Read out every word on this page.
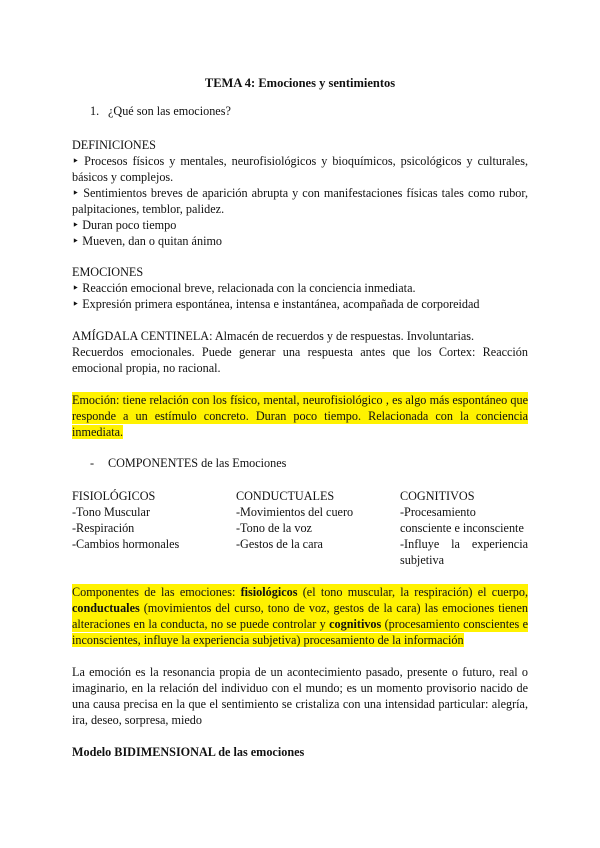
TEMA 4: Emociones y sentimientos
1. ¿Qué son las emociones?
DEFINICIONES
‣ Procesos físicos y mentales, neurofisiológicos y bioquímicos, psicológicos y culturales,
básicos y complejos.
‣ Sentimientos breves de aparición abrupta y con manifestaciones físicas tales como rubor,
palpitaciones, temblor, palidez.
‣ Duran poco tiempo
‣ Mueven, dan o quitan ánimo
EMOCIONES
‣ Reacción emocional breve, relacionada con la conciencia inmediata.
‣ Expresión primera espontánea, intensa e instantánea, acompañada de corporeidad
AMÍGDALA CENTINELA: Almacén de recuerdos y de respuestas. Involuntarias.
Recuerdos emocionales. Puede generar una respuesta antes que los Cortex: Reacción
emocional propia, no racional.
Emoción: tiene relación con los físico, mental, neurofisiológico , es algo más espontáneo que
responde a un estímulo concreto. Duran poco tiempo. Relacionada con la conciencia
inmediata.
- COMPONENTES de las Emociones
FISIOLÓGICOS
-Tono Muscular
-Respiración
-Cambios hormonales
CONDUCTUALES
-Movimientos del cuero
-Tono de la voz
-Gestos de la cara
COGNITIVOS
-Procesamiento
consciente e inconsciente
-Influye la experiencia
subjetiva
Componentes de las emociones: fisiológicos (el tono muscular, la respiración) el cuerpo,
conductuales (movimientos del curso, tono de voz, gestos de la cara) las emociones tienen
alteraciones en la conducta, no se puede controlar y cognitivos (procesamiento conscientes e
inconscientes, influye la experiencia subjetiva) procesamiento de la información
La emoción es la resonancia propia de un acontecimiento pasado, presente o futuro, real o
imaginario, en la relación del individuo con el mundo; es un momento provisorio nacido de
una causa precisa en la que el sentimiento se cristaliza con una intensidad particular: alegría,
ira, deseo, sorpresa, miedo
Modelo BIDIMENSIONAL de las emociones
